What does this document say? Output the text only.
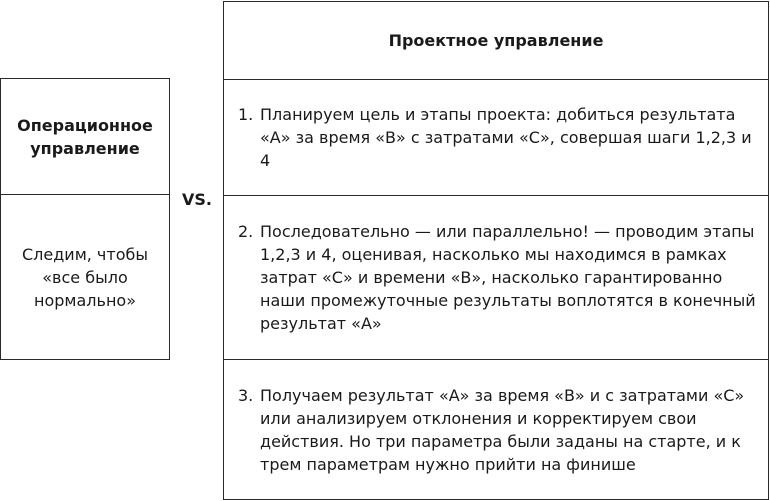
Операционное управление
Следим, чтобы «все было нормально»
VS.
Проектное управление
1. Планируем цель и этапы проекта: добиться результата «А» за время «В» с затратами «С», совершая шаги 1,2,3 и 4
2. Последовательно — или параллельно! — проводим этапы 1,2,3 и 4, оценивая, насколько мы находимся в рамках затрат «С» и времени «В», насколько гарантированно наши промежуточные результаты воплотятся в конечный результат «А»
3. Получаем результат «А» за время «В» и с затратами «С» или анализируем отклонения и корректируем свои действия. Но три параметра были заданы на старте, и к трем параметрам нужно прийти на финише
